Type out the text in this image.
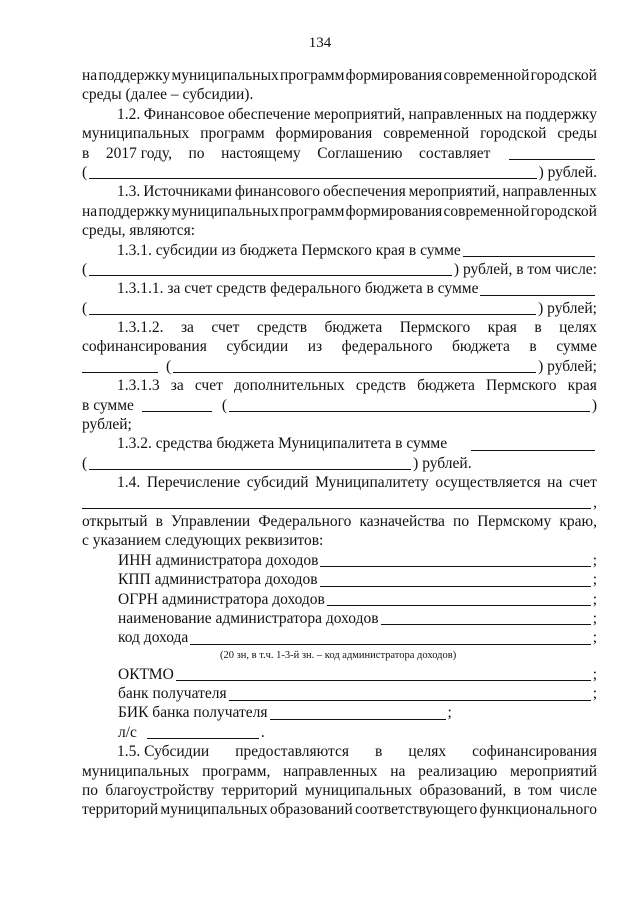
134
на поддержку муниципальных программ формирования современной городской
среды (далее – субсидии).
1.2. Финансовое обеспечение мероприятий, направленных на поддержку
муниципальных программ формирования современной городской среды
в 2017 году, по настоящему Соглашению составляет
(	) рублей.
1.3. Источниками финансового обеспечения мероприятий, направленных
на поддержку муниципальных программ формирования современной городской
среды, являются:
1.3.1. субсидии из бюджета Пермского края в сумме
(	) рублей, в том числе:
1.3.1.1. за счет средств федерального бюджета в сумме
(	) рублей;
1.3.1.2. за счет средств бюджета Пермского края в целях
софинансирования субсидии из федерального бюджета в сумме
(	) рублей;
1.3.1.3 за счет дополнительных средств бюджета Пермского края
в сумме	(	)
рублей;
1.3.2. средства бюджета Муниципалитета в сумме
(	) рублей.
1.4. Перечисление субсидий Муниципалитету осуществляется на счет
,
открытый в Управлении Федерального казначейства по Пермскому краю,
с указанием следующих реквизитов:
ИНН администратора доходов	;
КПП администратора доходов	;
ОГРН администратора доходов	;
наименование администратора доходов	;
код дохода	;
(20 зн, в т.ч. 1-3-й зн. – код администратора доходов)
ОКТМО	;
банк получателя	;
БИК банка получателя	;
л/с	.
1.5. Субсидии предоставляются в целях софинансирования
муниципальных программ, направленных на реализацию мероприятий
по благоустройству территорий муниципальных образований, в том числе
территорий муниципальных образований соответствующего функционального
